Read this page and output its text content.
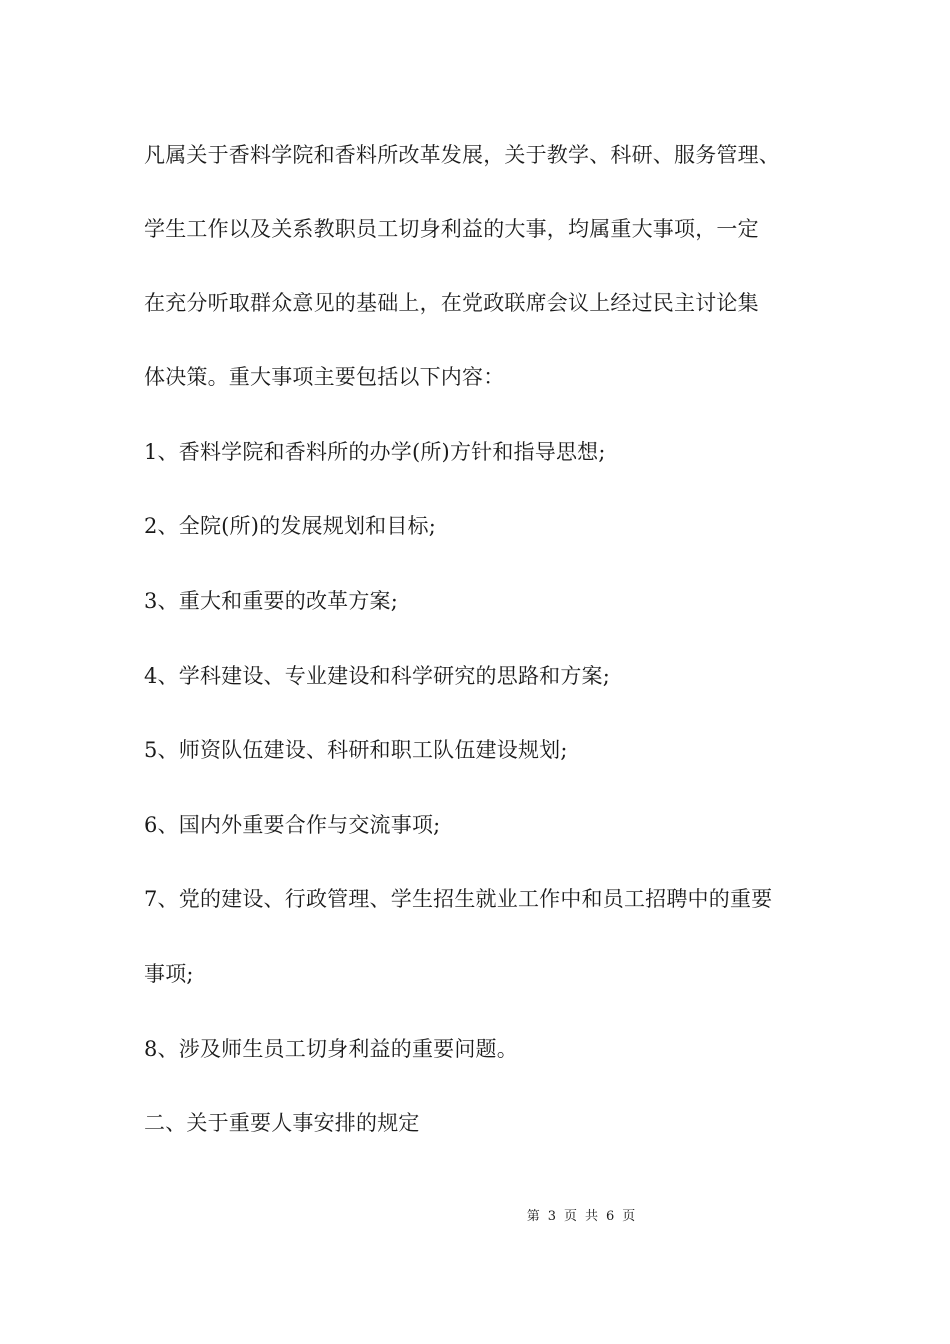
凡属关于香料学院和香料所改革发展，关于教学、科研、服务管理、
学生工作以及关系教职员工切身利益的大事，均属重大事项，一定
在充分听取群众意见的基础上，在党政联席会议上经过民主讨论集
体决策。重大事项主要包括以下内容：
1、香料学院和香料所的办学(所)方针和指导思想;
2、全院(所)的发展规划和目标;
3、重大和重要的改革方案;
4、学科建设、专业建设和科学研究的思路和方案;
5、师资队伍建设、科研和职工队伍建设规划;
6、国内外重要合作与交流事项;
7、党的建设、行政管理、学生招生就业工作中和员工招聘中的重要
事项;
8、涉及师生员工切身利益的重要问题。
二、关于重要人事安排的规定
第 3 页 共 6 页
